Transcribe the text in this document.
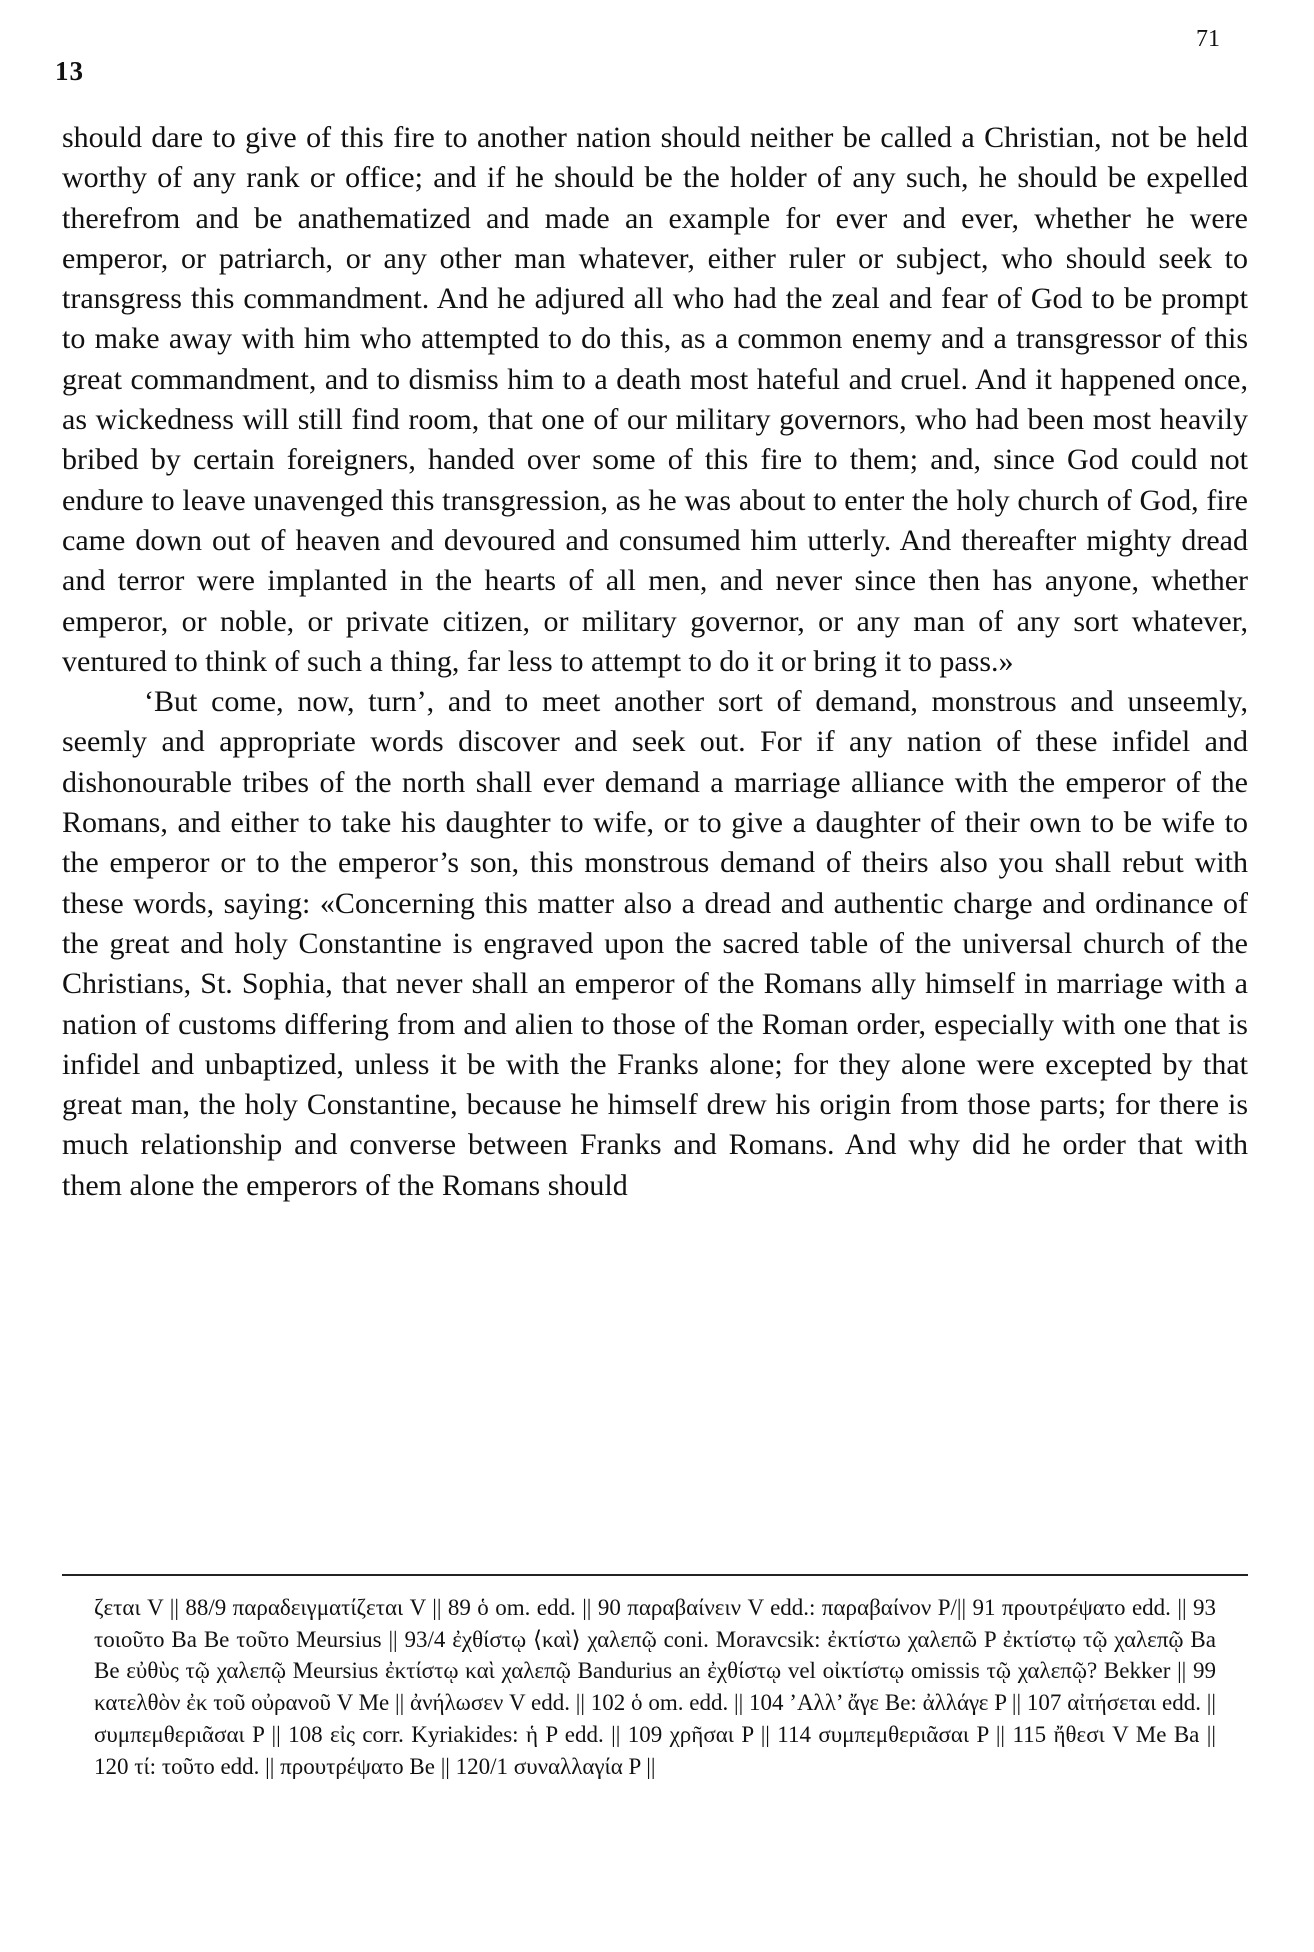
13
71

should dare to give of this fire to another nation should neither be called a Christian, not be held worthy of any rank or office; and if he should be the holder of any such, he should be expelled therefrom and be anathematized and made an example for ever and ever, whether he were emperor, or patriarch, or any other man whatever, either ruler or subject, who should seek to transgress this commandment. And he adjured all who had the zeal and fear of God to be prompt to make away with him who attempted to do this, as a common enemy and a transgressor of this great commandment, and to dismiss him to a death most hateful and cruel. And it happened once, as wickedness will still find room, that one of our military governors, who had been most heavily bribed by certain foreigners, handed over some of this fire to them; and, since God could not endure to leave unavenged this transgression, as he was about to enter the holy church of God, fire came down out of heaven and devoured and consumed him utterly. And thereafter mighty dread and terror were implanted in the hearts of all men, and never since then has anyone, whether emperor, or noble, or private citizen, or military governor, or any man of any sort whatever, ventured to think of such a thing, far less to attempt to do it or bring it to pass.»

‘But come, now, turn’, and to meet another sort of demand, monstrous and unseemly, seemly and appropriate words discover and seek out. For if any nation of these infidel and dishonourable tribes of the north shall ever demand a marriage alliance with the emperor of the Romans, and either to take his daughter to wife, or to give a daughter of their own to be wife to the emperor or to the emperor’s son, this monstrous demand of theirs also you shall rebut with these words, saying: «Concerning this matter also a dread and authentic charge and ordinance of the great and holy Constantine is engraved upon the sacred table of the universal church of the Christians, St. Sophia, that never shall an emperor of the Romans ally himself in marriage with a nation of customs differing from and alien to those of the Roman order, especially with one that is infidel and unbaptized, unless it be with the Franks alone; for they alone were excepted by that great man, the holy Constantine, because he himself drew his origin from those parts; for there is much relationship and converse between Franks and Romans. And why did he order that with them alone the emperors of the Romans should

ζεται V || 88/9 παραδειγματίζεται V || 89 ὁ om. edd. || 90 παραβαίνειν V edd.: παραβαίνον P/|| 91 προυτρέψατο edd. || 93 τοιοῦτο Ba Be τοῦτο Meursius || 93/4 ἐχθίστῳ ⟨καὶ⟩ χαλεπῷ coni. Moravcsik: ἐκτίστω χαλεπῶ P ἐκτίστῳ τῷ χαλεπῷ Ba Be εὐθὺς τῷ χαλεπῷ Meursius ἐκτίστῳ καὶ χαλεπῷ Bandurius an ἐχθίστῳ vel οἰκτίστῳ omissis τῷ χαλεπῷ? Bekker || 99 κατελθὸν ἐκ τοῦ οὐρανοῦ V Me || ἀνήλωσεν V edd. || 102 ὁ om. edd. || 104 ’Αλλ’ ἄγε Be: ἀλλάγε P || 107 αἰτήσεται edd. || συμπεμθεριᾶσαι P || 108 εἰς corr. Kyriakides: ἡ P edd. || 109 χρῆσαι P || 114 συμπεμθεριᾶσαι P || 115 ἤθεσι V Me Ba || 120 τί: τοῦτο edd. || προυτρέψατο Be || 120/1 συναλλαγία P ||
